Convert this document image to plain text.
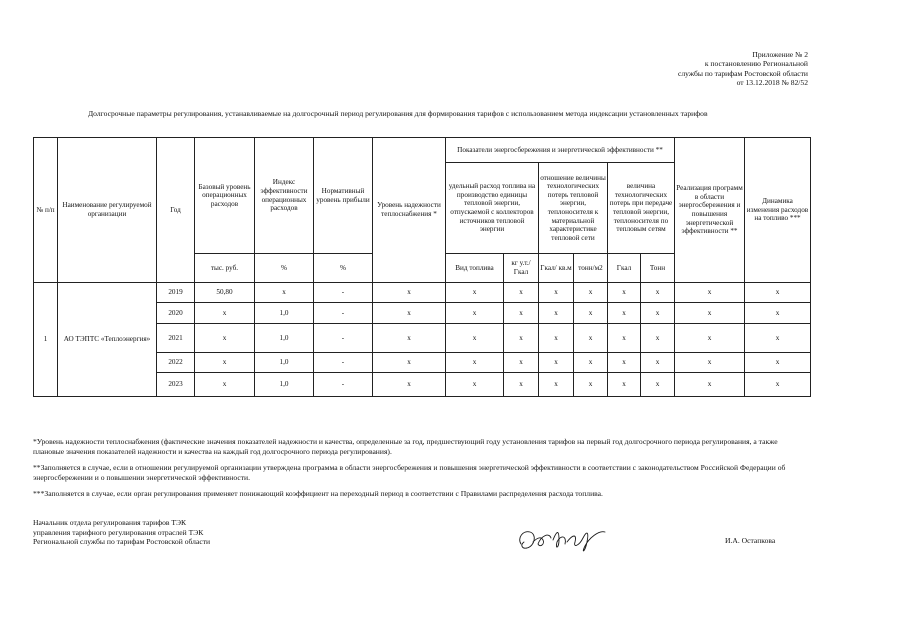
Приложение № 2
к постановлению Региональной
службы по тарифам Ростовской области
от 13.12.2018 № 82/52
Долгосрочные параметры регулирования, устанавливаемые на долгосрочный период регулирования для формирования тарифов с использованием метода индексации установленных тарифов
№ п/п	Наименование регулируемой организации	Год	Базовый уровень операционных расходов	Индекс эффективности операционных расходов	Нормативный уровень прибыли	Уровень надежности теплоснабжения *	Показатели энергосбережения и энергетической эффективности **						Реализация программ в области энергосбережения и повышения энергетической эффективности **	Динамика изменения расходов на топливо ***
							удельный расход топлива на производство единицы тепловой энергии, отпускаемой с коллекторов источников тепловой энергии		отношение величины технологических потерь тепловой энергии, теплоносителя к материальной характеристике тепловой сети		величина технологических потерь при передаче тепловой энергии, теплоносителя по тепловым сетям			
			тыс. руб.	%	%		Вид топлива	кг у.т./ Гкал	Гкал/ кв.м	тонн/м2	Гкал	Тонн		
1	АО ТЭПТС «Теплоэнергия»	2019	50,80	х	-	х	х	х	х	х	х	х	х	х
		2020	х	1,0	-	х	х	х	х	х	х	х	х	х
		2021	х	1,0	-	х	х	х	х	х	х	х	х	х
		2022	х	1,0	-	х	х	х	х	х	х	х	х	х
		2023	х	1,0	-	х	х	х	х	х	х	х	х	х

*Уровень надежности теплоснабжения (фактические значения показателей надежности и качества, определенные за год, предшествующий году установления тарифов на первый год долгосрочного периода регулирования, а также плановые значения показателей надежности и качества на каждый год долгосрочного периода регулирования).

**Заполняется в случае, если в отношении регулируемой организации утверждена программа в области энергосбережения и повышения энергетической эффективности в соответствии с законодательством Российской Федерации об энергосбережении и о повышении энергетической эффективности.

***Заполняется в случае, если орган регулирования применяет понижающий коэффициент на переходный период в соответствии с Правилами распределения расхода топлива.

Начальник отдела регулирования тарифов ТЭК
управления тарифного регулирования отраслей ТЭК
Региональной службы по тарифам Ростовской области	И.А. Остапкова
